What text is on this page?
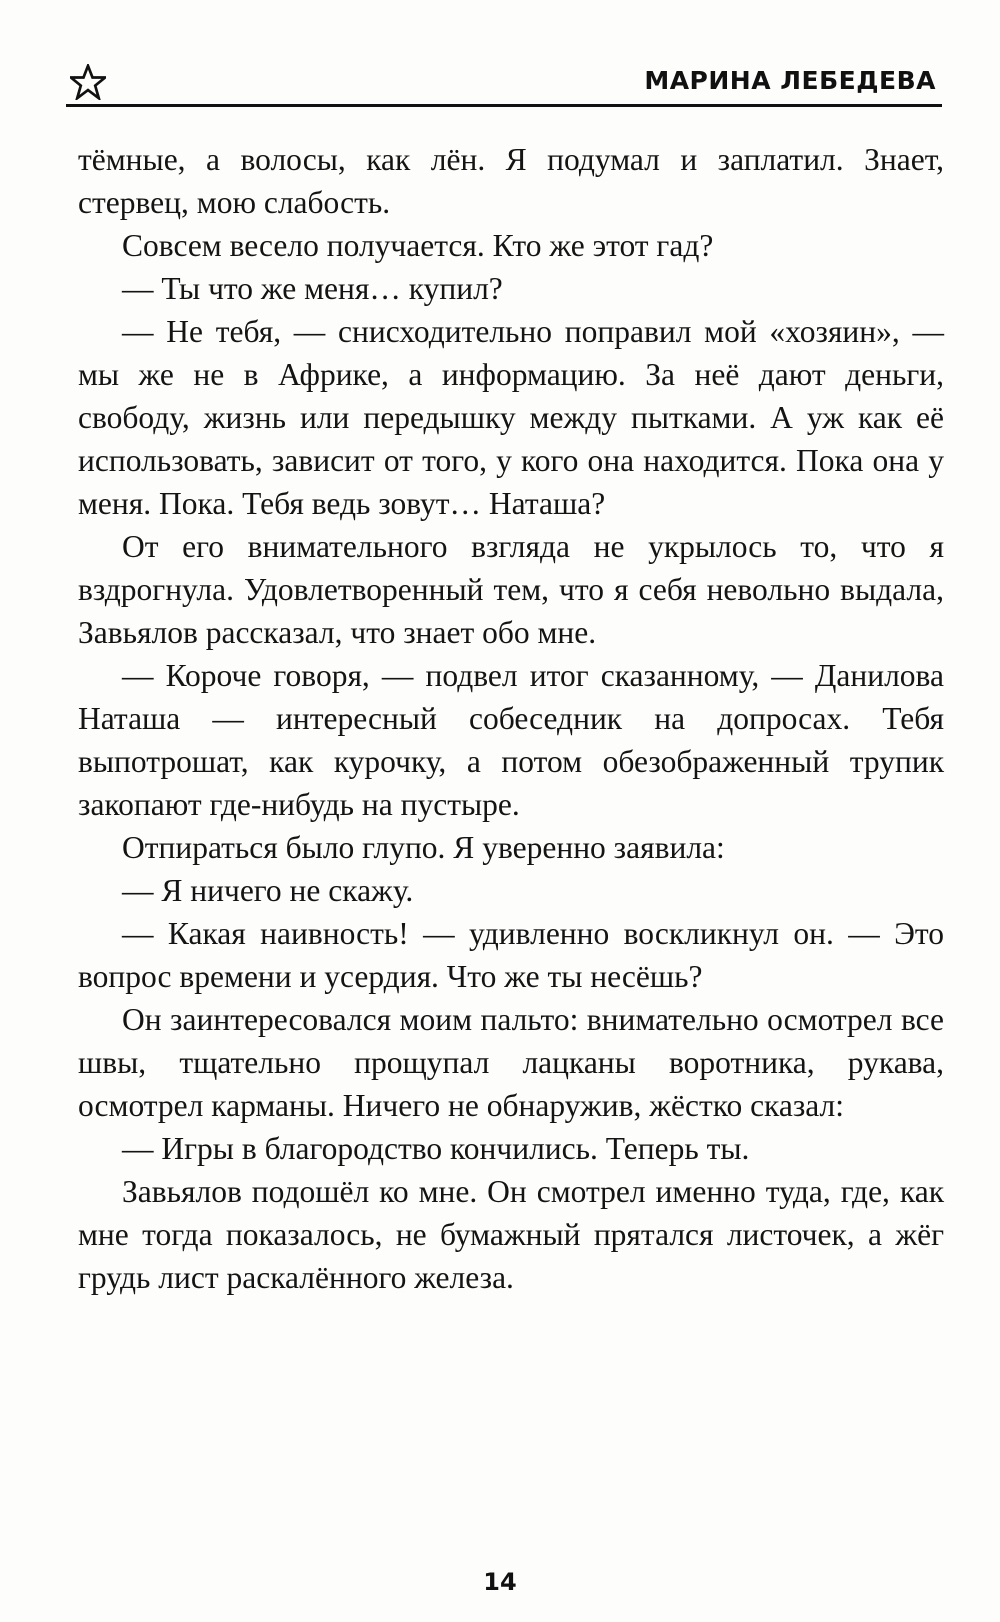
МАРИНА ЛЕБЕДЕВА

тёмные, а волосы, как лён. Я подумал и заплатил. Знает, стервец, мою слабость.

Совсем весело получается. Кто же этот гад?

— Ты что же меня… купил?

— Не тебя, — снисходительно поправил мой «хозяин», — мы же не в Африке, а информацию. За неё дают деньги, свободу, жизнь или передышку между пытками. А уж как её использовать, зависит от того, у кого она находится. Пока она у меня. Пока. Тебя ведь зовут… Наташа?

От его внимательного взгляда не укрылось то, что я вздрогнула. Удовлетворенный тем, что я себя невольно выдала, Завьялов рассказал, что знает обо мне.

— Короче говоря, — подвел итог сказанному, — Данилова Наташа — интересный собеседник на допросах. Тебя выпотрошат, как курочку, а потом обезображенный трупик закопают где-нибудь на пустыре.

Отпираться было глупо. Я уверенно заявила:

— Я ничего не скажу.

— Какая наивность! — удивленно воскликнул он. — Это вопрос времени и усердия. Что же ты несёшь?

Он заинтересовался моим пальто: внимательно осмотрел все швы, тщательно прощупал лацканы воротника, рукава, осмотрел карманы. Ничего не обнаружив, жёстко сказал:

— Игры в благородство кончились. Теперь ты.

Завьялов подошёл ко мне. Он смотрел именно туда, где, как мне тогда показалось, не бумажный прятался листочек, а жёг грудь лист раскалённого железа.

14
